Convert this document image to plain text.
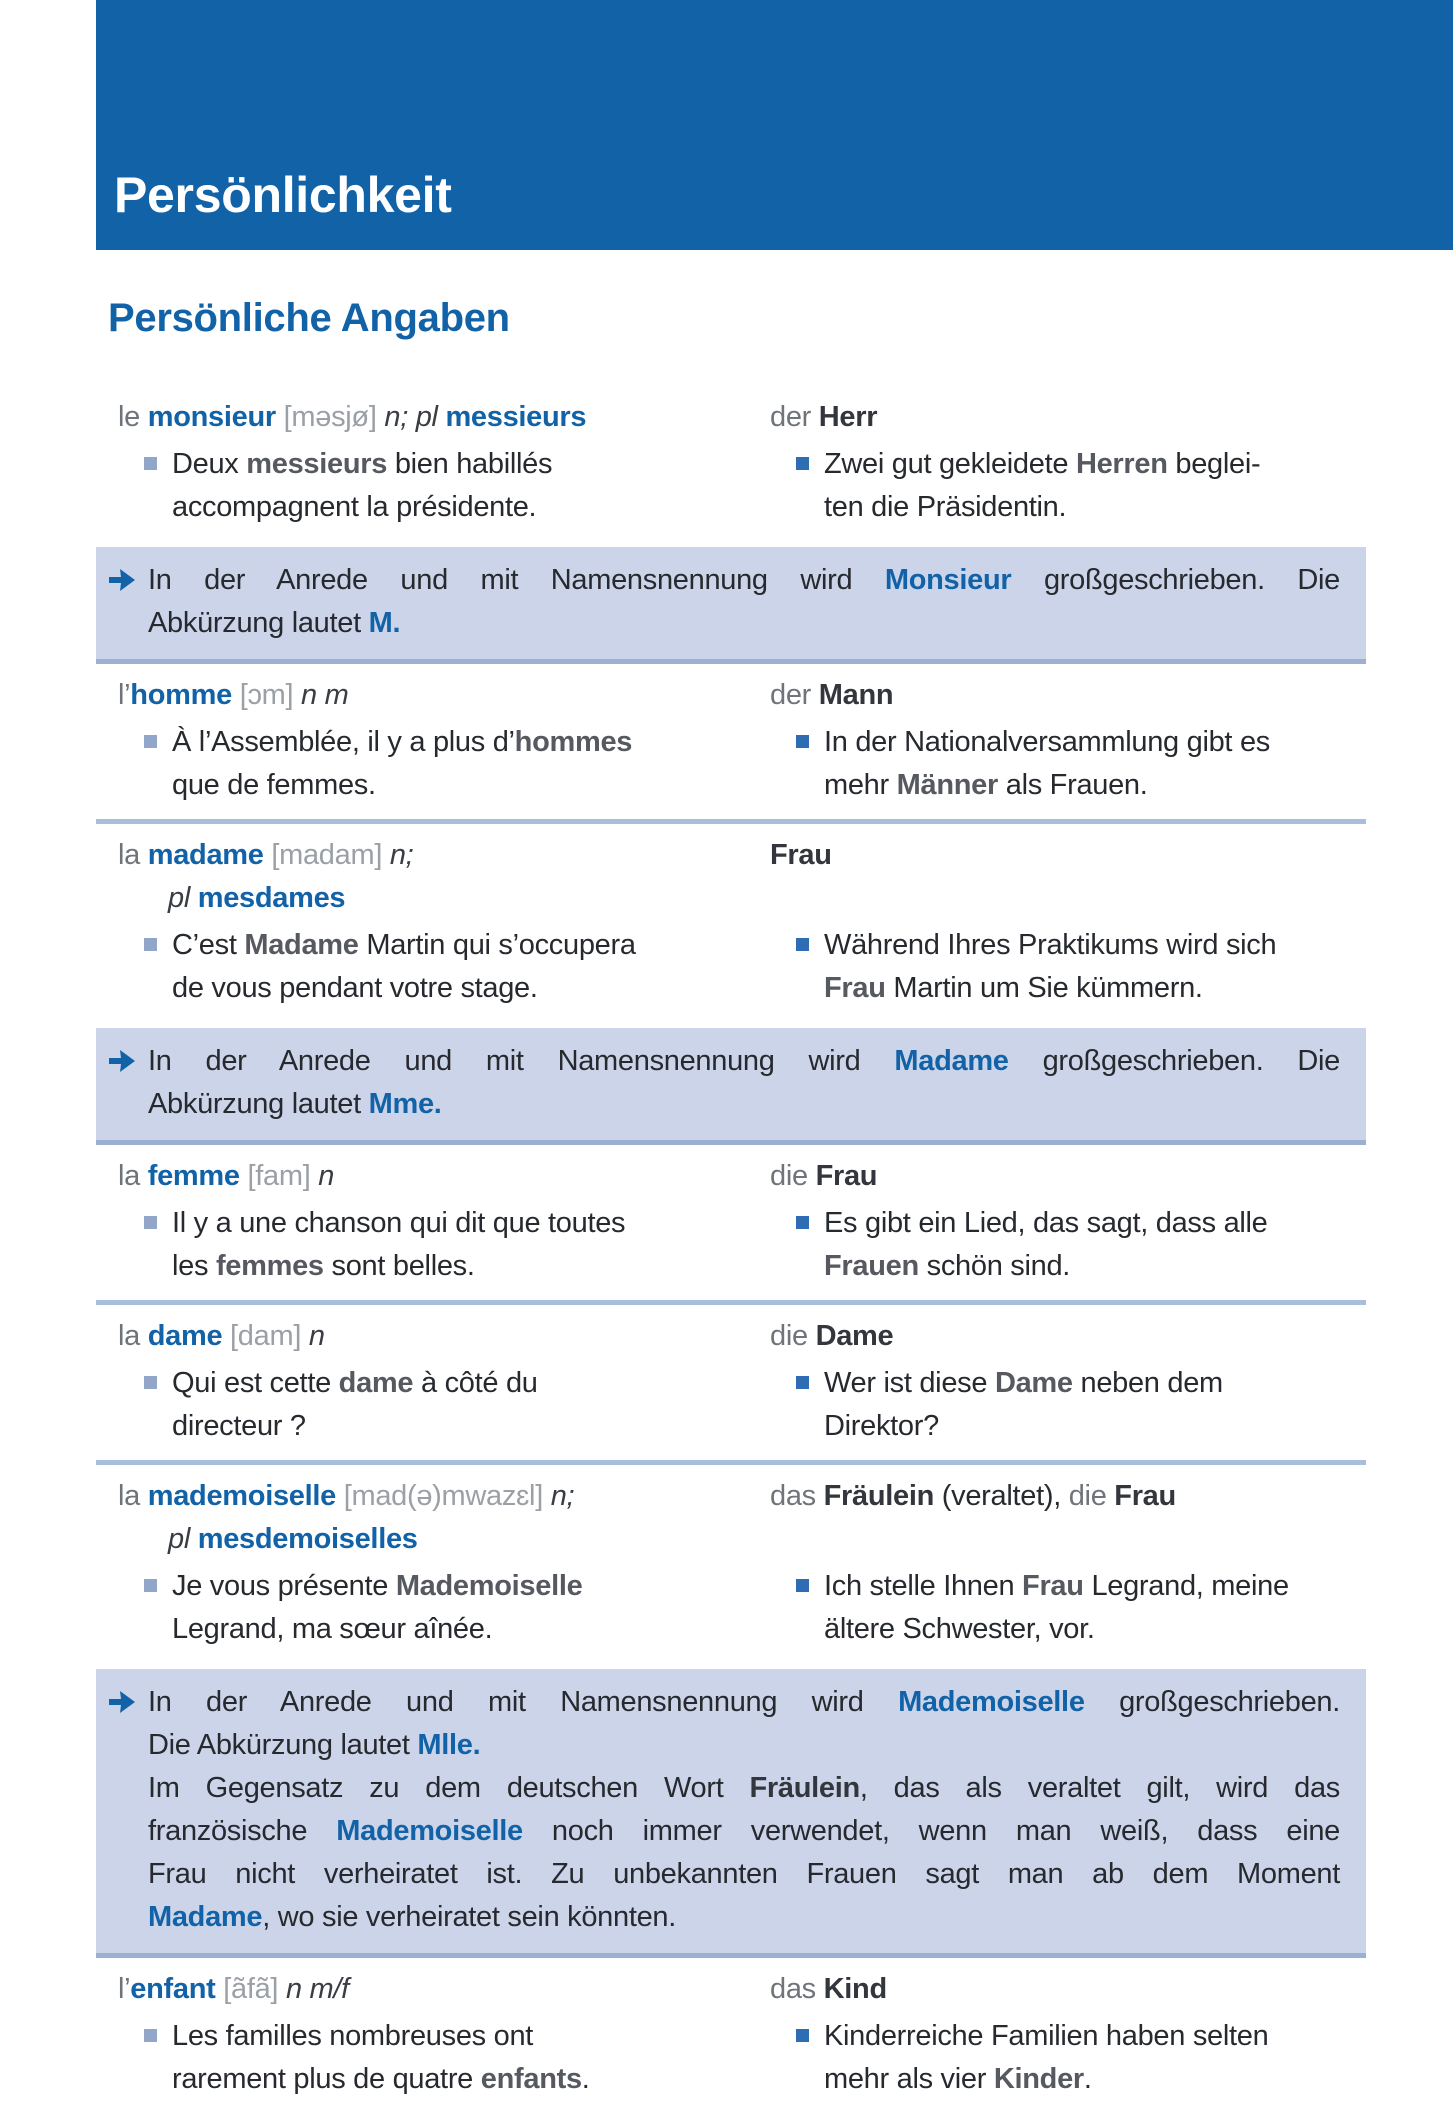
Persönlichkeit
Persönliche Angaben
le monsieur [məsjø] n; pl messieurs
Deux messieurs bien habillés
accompagnent la présidente.
der Herr
Zwei gut gekleidete Herren beglei-
ten die Präsidentin.
In der Anrede und mit Namensnennung wird Monsieur großgeschrieben. Die
Abkürzung lautet M.
l’homme [ɔm] n m
À l’Assemblée, il y a plus d’hommes
que de femmes.
der Mann
In der Nationalversammlung gibt es
mehr Männer als Frauen.
la madame [madam] n;
pl mesdames
C’est Madame Martin qui s’occupera
de vous pendant votre stage.
Frau
Während Ihres Praktikums wird sich
Frau Martin um Sie kümmern.
In der Anrede und mit Namensnennung wird Madame großgeschrieben. Die
Abkürzung lautet Mme.
la femme [fam] n
Il y a une chanson qui dit que toutes
les femmes sont belles.
die Frau
Es gibt ein Lied, das sagt, dass alle
Frauen schön sind.
la dame [dam] n
Qui est cette dame à côté du
directeur ?
die Dame
Wer ist diese Dame neben dem
Direktor?
la mademoiselle [mad(ə)mwazɛl] n;
pl mesdemoiselles
Je vous présente Mademoiselle
Legrand, ma sœur aînée.
das Fräulein (veraltet), die Frau
Ich stelle Ihnen Frau Legrand, meine
ältere Schwester, vor.
In der Anrede und mit Namensnennung wird Mademoiselle großgeschrieben.
Die Abkürzung lautet Mlle.
Im Gegensatz zu dem deutschen Wort Fräulein, das als veraltet gilt, wird das
französische Mademoiselle noch immer verwendet, wenn man weiß, dass eine
Frau nicht verheiratet ist. Zu unbekannten Frauen sagt man ab dem Moment
Madame, wo sie verheiratet sein könnten.
l’enfant [ãfã] n m/f
Les familles nombreuses ont
rarement plus de quatre enfants.
das Kind
Kinderreiche Familien haben selten
mehr als vier Kinder.
